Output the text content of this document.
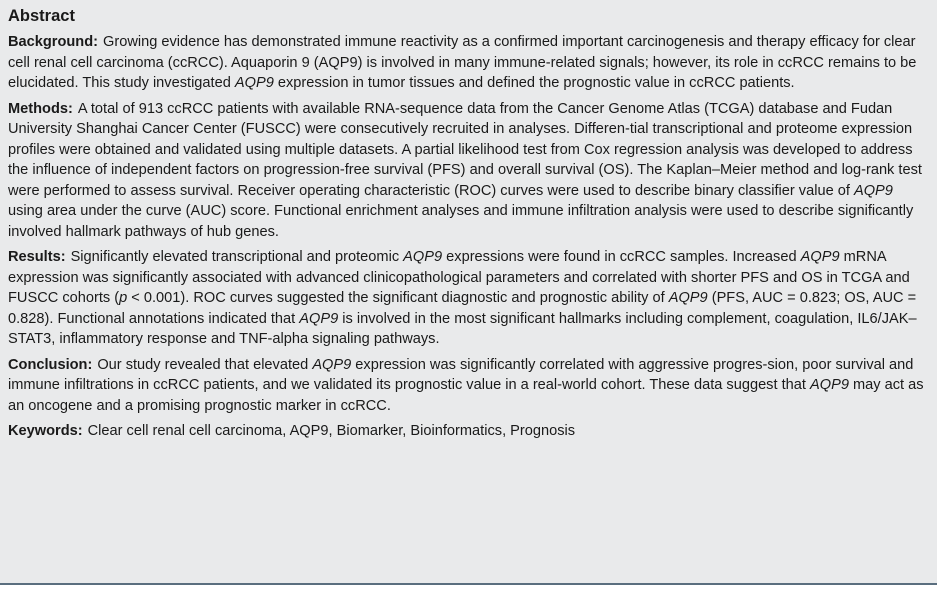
Abstract

Background: Growing evidence has demonstrated immune reactivity as a confirmed important carcinogenesis and therapy efficacy for clear cell renal cell carcinoma (ccRCC). Aquaporin 9 (AQP9) is involved in many immune-related signals; however, its role in ccRCC remains to be elucidated. This study investigated AQP9 expression in tumor tissues and defined the prognostic value in ccRCC patients.

Methods: A total of 913 ccRCC patients with available RNA-sequence data from the Cancer Genome Atlas (TCGA) database and Fudan University Shanghai Cancer Center (FUSCC) were consecutively recruited in analyses. Differen-tial transcriptional and proteome expression profiles were obtained and validated using multiple datasets. A partial likelihood test from Cox regression analysis was developed to address the influence of independent factors on progression-free survival (PFS) and overall survival (OS). The Kaplan–Meier method and log-rank test were performed to assess survival. Receiver operating characteristic (ROC) curves were used to describe binary classifier value of AQP9 using area under the curve (AUC) score. Functional enrichment analyses and immune infiltration analysis were used to describe significantly involved hallmark pathways of hub genes.

Results: Significantly elevated transcriptional and proteomic AQP9 expressions were found in ccRCC samples. Increased AQP9 mRNA expression was significantly associated with advanced clinicopathological parameters and correlated with shorter PFS and OS in TCGA and FUSCC cohorts (p < 0.001). ROC curves suggested the significant diagnostic and prognostic ability of AQP9 (PFS, AUC = 0.823; OS, AUC = 0.828). Functional annotations indicated that AQP9 is involved in the most significant hallmarks including complement, coagulation, IL6/JAK–STAT3, inflammatory response and TNF-alpha signaling pathways.

Conclusion: Our study revealed that elevated AQP9 expression was significantly correlated with aggressive progres-sion, poor survival and immune infiltrations in ccRCC patients, and we validated its prognostic value in a real-world cohort. These data suggest that AQP9 may act as an oncogene and a promising prognostic marker in ccRCC.

Keywords: Clear cell renal cell carcinoma, AQP9, Biomarker, Bioinformatics, Prognosis
